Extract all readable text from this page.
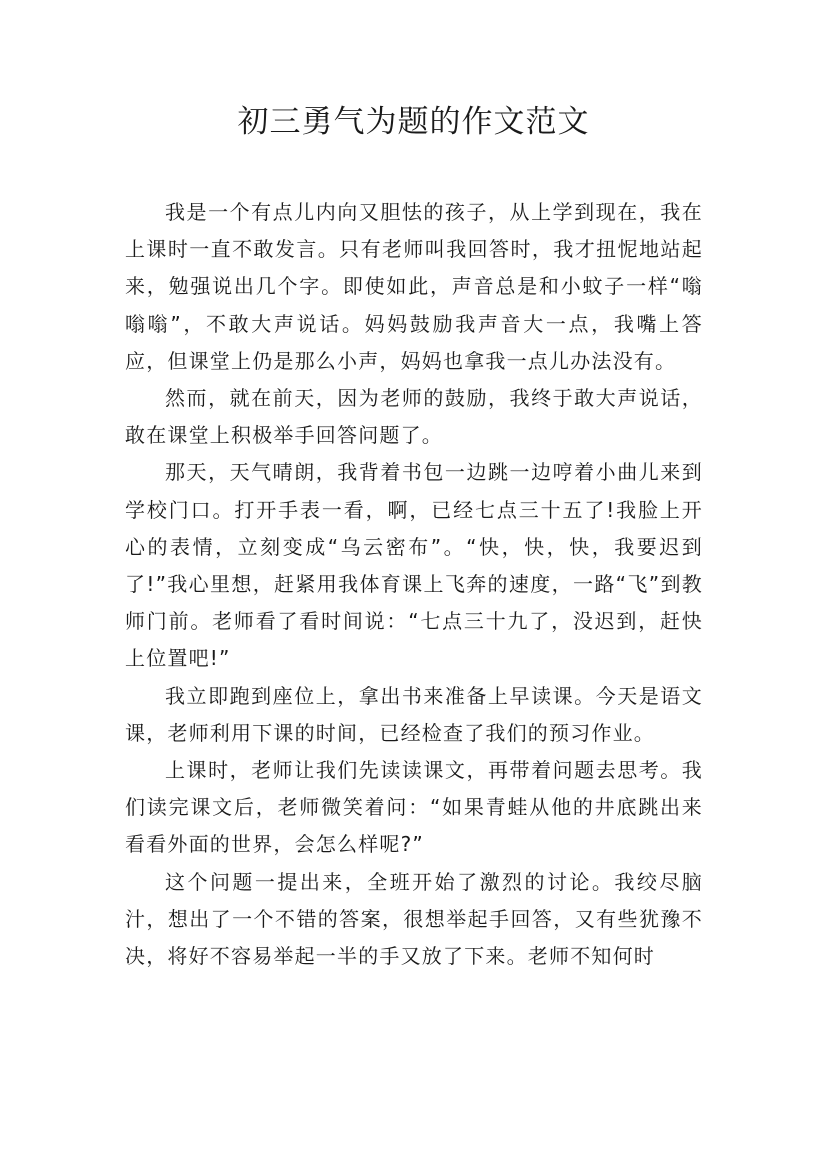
初三勇气为题的作文范文

我是一个有点儿内向又胆怯的孩子，从上学到现在，我在上课时一直不敢发言。只有老师叫我回答时，我才扭怩地站起来，勉强说出几个字。即使如此，声音总是和小蚊子一样“嗡嗡嗡”，不敢大声说话。妈妈鼓励我声音大一点，我嘴上答应，但课堂上仍是那么小声，妈妈也拿我一点儿办法没有。

然而，就在前天，因为老师的鼓励，我终于敢大声说话，敢在课堂上积极举手回答问题了。

那天，天气晴朗，我背着书包一边跳一边哼着小曲儿来到学校门口。打开手表一看，啊，已经七点三十五了!我脸上开心的表情，立刻变成“乌云密布”。“快，快，快，我要迟到了!”我心里想，赶紧用我体育课上飞奔的速度，一路“飞”到教师门前。老师看了看时间说：“七点三十九了，没迟到，赶快上位置吧!”

我立即跑到座位上，拿出书来准备上早读课。今天是语文课，老师利用下课的时间，已经检查了我们的预习作业。

上课时，老师让我们先读读课文，再带着问题去思考。我们读完课文后，老师微笑着问：“如果青蛙从他的井底跳出来看看外面的世界，会怎么样呢?”

这个问题一提出来，全班开始了激烈的讨论。我绞尽脑汁，想出了一个不错的答案，很想举起手回答，又有些犹豫不决，将好不容易举起一半的手又放了下来。老师不知何时
